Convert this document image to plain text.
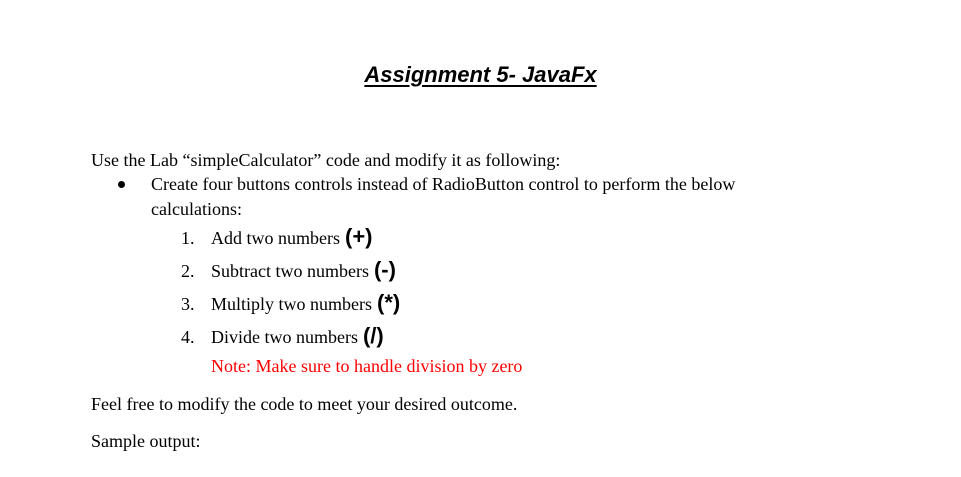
Assignment 5- JavaFx
Use the Lab “simpleCalculator” code and modify it as following:
Create four buttons controls instead of RadioButton control to perform the below calculations:
1. Add two numbers (+)
2. Subtract two numbers (-)
3. Multiply two numbers (*)
4. Divide two numbers (/)
Note: Make sure to handle division by zero
Feel free to modify the code to meet your desired outcome.
Sample output:
